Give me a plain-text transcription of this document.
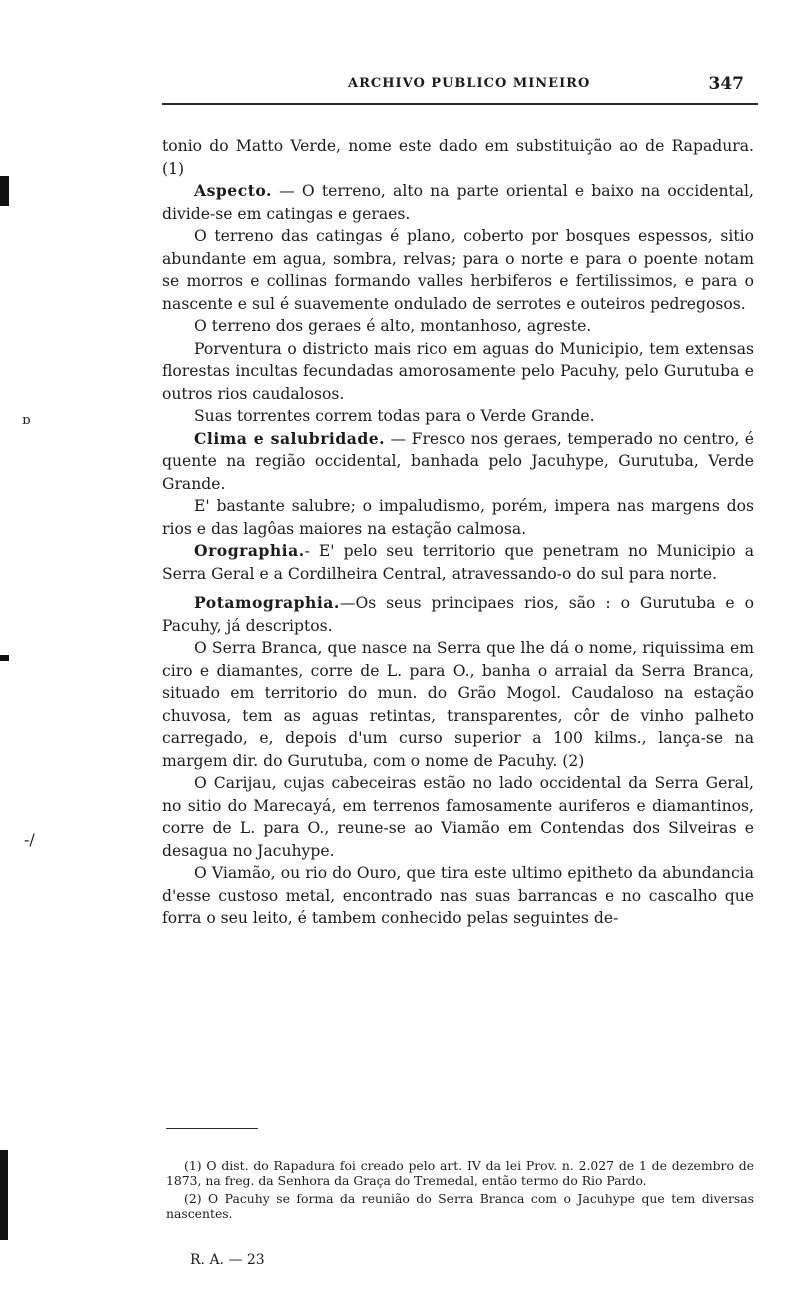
ɒ
-/
ARCHIVO PUBLICO MINEIRO	347

tonio do Matto Verde, nome este dado em substituição ao de Rapadura. (1)

Aspecto. — O terreno, alto na parte oriental e baixo na occidental, divide-se em catingas e geraes.

O terreno das catingas é plano, coberto por bosques espessos, sitio abundante em agua, sombra, relvas; para o norte e para o poente notam se morros e collinas formando valles herbiferos e fertilissimos, e para o nascente e sul é suavemente ondulado de serrotes e outeiros pedregosos.

O terreno dos geraes é alto, montanhoso, agreste.

Porventura o districto mais rico em aguas do Municipio, tem extensas florestas incultas fecundadas amorosamente pelo Pacuhy, pelo Gurutuba e outros rios caudalosos.

Suas torrentes correm todas para o Verde Grande.

Clima e salubridade. — Fresco nos geraes, temperado no centro, é quente na região occidental, banhada pelo Jacuhype, Gurutuba, Verde Grande.

E' bastante salubre; o impaludismo, porém, impera nas margens dos rios e das lagôas maiores na estação calmosa.

Orographia.- E' pelo seu territorio que penetram no Municipio a Serra Geral e a Cordilheira Central, atravessando-o do sul para norte.

Potamographia.—Os seus principaes rios, são : o Gurutuba e o Pacuhy, já descriptos.

O Serra Branca, que nasce na Serra que lhe dá o nome, riquissima em ciro e diamantes, corre de L. para O., banha o arraial da Serra Branca, situado em territorio do mun. do Grão Mogol. Caudaloso na estação chuvosa, tem as aguas retintas, transparentes, côr de vinho palheto carregado, e, depois d'um curso superior a 100 kilms., lança-se na margem dir. do Gurutuba, com o nome de Pacuhy. (2)

O Carijau, cujas cabeceiras estão no lado occidental da Serra Geral, no sitio do Marecayá, em terrenos famosamente auriferos e diamantinos, corre de L. para O., reune-se ao Viamão em Contendas dos Silveiras e desagua no Jacuhype.

O Viamão, ou rio do Ouro, que tira este ultimo epitheto da abundancia d'esse custoso metal, encontrado nas suas barrancas e no cascalho que forra o seu leito, é tambem conhecido pelas seguintes de-

(1) O dist. do Rapadura foi creado pelo art. IV da lei Prov. n. 2.027 de 1 de dezembro de 1873, na freg. da Senhora da Graça do Tremedal, então termo do Rio Pardo.

(2) O Pacuhy se forma da reunião do Serra Branca com o Jacuhype que tem diversas nascentes.

R. A. — 23
